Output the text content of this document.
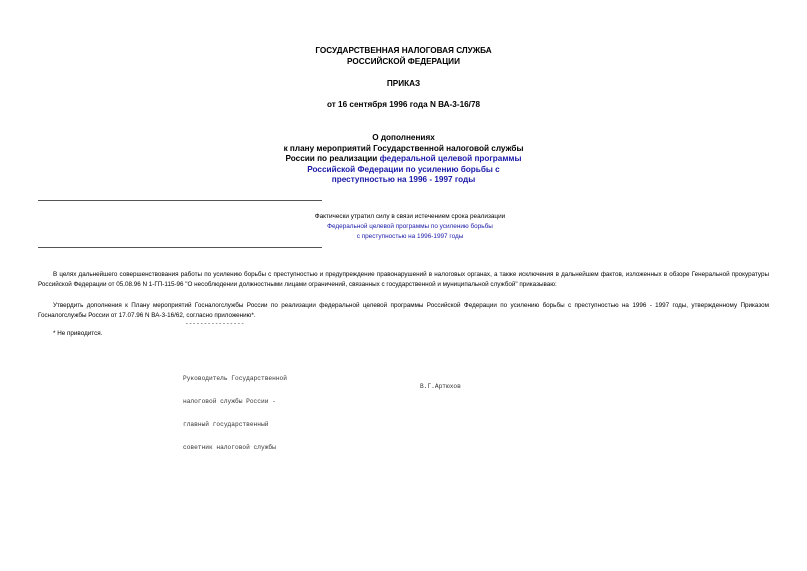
ГОСУДАРСТВЕННАЯ НАЛОГОВАЯ СЛУЖБА
РОССИЙСКОЙ ФЕДЕРАЦИИ
ПРИКАЗ
от 16 сентября 1996 года N ВА-3-16/78
О дополнениях
к плану мероприятий Государственной налоговой службы
России по реализации федеральной целевой программы
Российской Федерации по усилению борьбы с
преступностью на 1996 - 1997 годы
Фактически утратил силу в связи истечением срока реализации
Федеральной целевой программы по усилению борьбы
с преступностью на 1996-1997 годы
В целях дальнейшего совершенствования работы по усилению борьбы с преступностью и предупреждение правонарушений в налоговых органах, а также исключения в дальнейшем фактов, изложенных в обзоре Генеральной прокуратуры Российской Федерации от 05.08.96 N 1-ГП-115-96 "О несоблюдении должностными лицами ограничений, связанных с государственной и муниципальной службой" приказываю:
Утвердить дополнения к Плану мероприятий Госналогслужбы России по реализации федеральной целевой программы Российской Федерации по усилению борьбы с преступностью на 1996 - 1997 годы, утвержденному Приказом Госналогслужбы России от 17.07.96 N ВА-3-16/62, согласно приложению*.
----------------
* Не приводится.

Руководитель Государственной

налоговой службы России -

главный государственный

советник налоговой службы

В.Г.Артюхов
